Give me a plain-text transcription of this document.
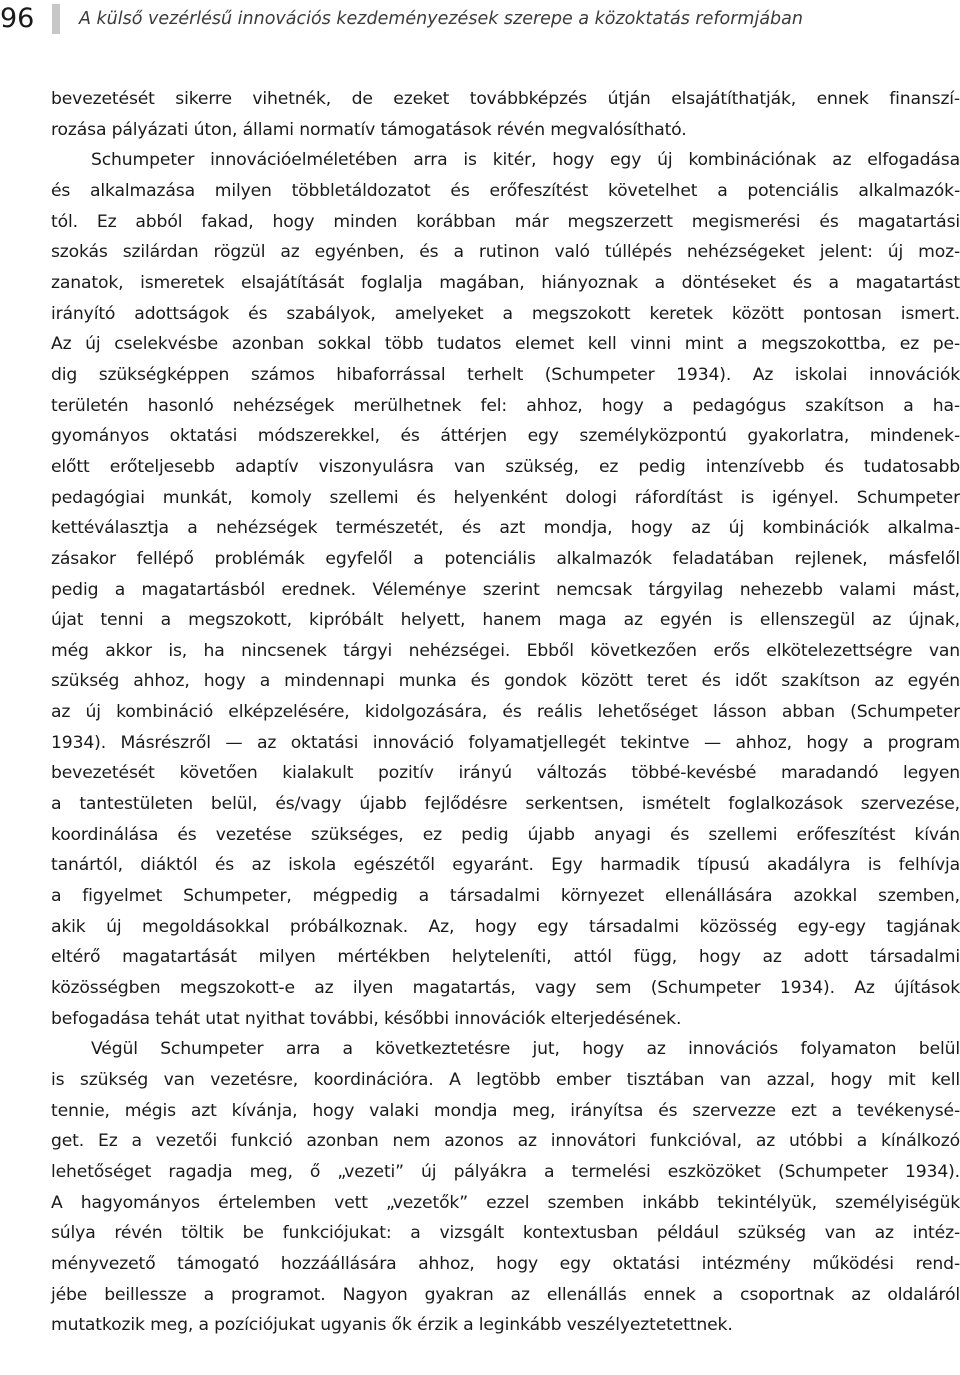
96	A külső vezérlésű innovációs kezdeményezések szerepe a közoktatás reformjában
bevezetését sikerre vihetnék, de ezeket továbbképzés útján elsajátíthatják, ennek finanszí-
rozása pályázati úton, állami normatív támogatások révén megvalósítható.
Schumpeter innovációelméletében arra is kitér, hogy egy új kombinációnak az elfogadása
és alkalmazása milyen többletáldozatot és erőfeszítést követelhet a potenciális alkalmazók-
tól. Ez abból fakad, hogy minden korábban már megszerzett megismerési és magatartási
szokás szilárdan rögzül az egyénben, és a rutinon való túllépés nehézségeket jelent: új moz-
zanatok, ismeretek elsajátítását foglalja magában, hiányoznak a döntéseket és a magatartást
irányító adottságok és szabályok, amelyeket a megszokott keretek között pontosan ismert.
Az új cselekvésbe azonban sokkal több tudatos elemet kell vinni mint a megszokottba, ez pe-
dig szükségképpen számos hibaforrással terhelt (Schumpeter 1934). Az iskolai innovációk
területén hasonló nehézségek merülhetnek fel: ahhoz, hogy a pedagógus szakítson a ha-
gyományos oktatási módszerekkel, és áttérjen egy személyközpontú gyakorlatra, mindenek-
előtt erőteljesebb adaptív viszonyulásra van szükség, ez pedig intenzívebb és tudatosabb
pedagógiai munkát, komoly szellemi és helyenként dologi ráfordítást is igényel. Schumpeter
kettéválasztja a nehézségek természetét, és azt mondja, hogy az új kombinációk alkalma-
zásakor fellépő problémák egyfelől a potenciális alkalmazók feladatában rejlenek, másfelől
pedig a magatartásból erednek. Véleménye szerint nemcsak tárgyilag nehezebb valami mást,
újat tenni a megszokott, kipróbált helyett, hanem maga az egyén is ellenszegül az újnak,
még akkor is, ha nincsenek tárgyi nehézségei. Ebből következően erős elkötelezettségre van
szükség ahhoz, hogy a mindennapi munka és gondok között teret és időt szakítson az egyén
az új kombináció elképzelésére, kidolgozására, és reális lehetőséget lásson abban (Schumpeter
1934). Másrészről — az oktatási innováció folyamatjellegét tekintve — ahhoz, hogy a program
bevezetését követően kialakult pozitív irányú változás többé-kevésbé maradandó legyen
a tantestületen belül, és/vagy újabb fejlődésre serkentsen, ismételt foglalkozások szervezése,
koordinálása és vezetése szükséges, ez pedig újabb anyagi és szellemi erőfeszítést kíván
tanártól, diáktól és az iskola egészétől egyaránt. Egy harmadik típusú akadályra is felhívja
a figyelmet Schumpeter, mégpedig a társadalmi környezet ellenállására azokkal szemben,
akik új megoldásokkal próbálkoznak. Az, hogy egy társadalmi közösség egy-egy tagjának
eltérő magatartását milyen mértékben helyteleníti, attól függ, hogy az adott társadalmi
közösségben megszokott-e az ilyen magatartás, vagy sem (Schumpeter 1934). Az újítások
befogadása tehát utat nyithat további, későbbi innovációk elterjedésének.
Végül Schumpeter arra a következtetésre jut, hogy az innovációs folyamaton belül
is szükség van vezetésre, koordinációra. A legtöbb ember tisztában van azzal, hogy mit kell
tennie, mégis azt kívánja, hogy valaki mondja meg, irányítsa és szervezze ezt a tevékenysé-
get. Ez a vezetői funkció azonban nem azonos az innovátori funkcióval, az utóbbi a kínálkozó
lehetőséget ragadja meg, ő „vezeti” új pályákra a termelési eszközöket (Schumpeter 1934).
A hagyományos értelemben vett „vezetők” ezzel szemben inkább tekintélyük, személyiségük
súlya révén töltik be funkciójukat: a vizsgált kontextusban például szükség van az intéz-
ményvezető támogató hozzáállására ahhoz, hogy egy oktatási intézmény működési rend-
jébe beillessze a programot. Nagyon gyakran az ellenállás ennek a csoportnak az oldaláról
mutatkozik meg, a pozíciójukat ugyanis ők érzik a leginkább veszélyeztetettnek.
